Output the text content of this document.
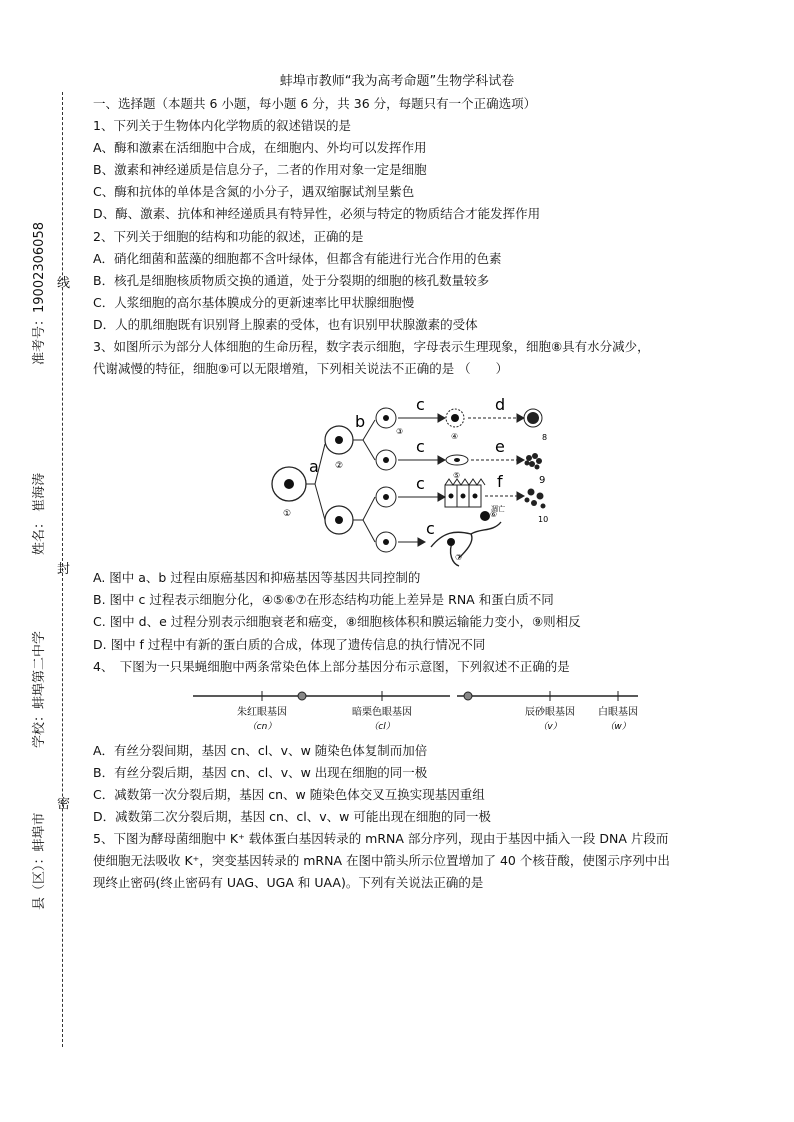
准考号：19002306058
姓名： 崔海涛
学校：蚌埠第二中学
县（区）：蚌埠市
线
封
密
蚌埠市教师“我为高考命题”生物学科试卷

一、选择题（本题共 6 小题，每小题 6 分，共 36 分，每题只有一个正确选项）

1、下列关于生物体内化学物质的叙述错误的是

A、酶和激素在活细胞中合成，在细胞内、外均可以发挥作用

B、激素和神经递质是信息分子，二者的作用对象一定是细胞

C、酶和抗体的单体是含氮的小分子，遇双缩脲试剂呈紫色

D、酶、激素、抗体和神经递质具有特异性，必须与特定的物质结合才能发挥作用

2、下列关于细胞的结构和功能的叙述，正确的是

A．硝化细菌和蓝藻的细胞都不含叶绿体，但都含有能进行光合作用的色素

B．核孔是细胞核质物质交换的通道，处于分裂期的细胞的核孔数量较多

C．人浆细胞的高尔基体膜成分的更新速率比甲状腺细胞慢

D．人的肌细胞既有识别肾上腺素的受体，也有识别甲状腺激素的受体

3、如图所示为部分人体细胞的生命历程，数字表示细胞，字母表示生理现象，细胞⑧具有水分减少，

代谢减慢的特征，细胞⑨可以无限增殖，下列相关说法不正确的是 （　　）

①
a ②
b
③
c
c
c
c
④
⑤
⑥
⑦
d
e
f
凋亡
8
9
10

A. 图中 a、b 过程由原癌基因和抑癌基因等基因共同控制的

B. 图中 c 过程表示细胞分化，④⑤⑥⑦在形态结构功能上差异是 RNA 和蛋白质不同

C. 图中 d、e 过程分别表示细胞衰老和癌变，⑧细胞核体积和膜运输能力变小，⑨则相反

D. 图中 f 过程中有新的蛋白质的合成，体现了遗传信息的执行情况不同

4、　下图为一只果蝇细胞中两条常染色体上部分基因分布示意图，下列叙述不正确的是

朱红眼基因
（cn）
暗栗色眼基因
（cl）
辰砂眼基因
（v）
白眼基因
（w）

A．有丝分裂间期，基因 cn、cl、v、w 随染色体复制而加倍

B．有丝分裂后期，基因 cn、cl、v、w 出现在细胞的同一极

C．减数第一次分裂后期，基因 cn、w 随染色体交叉互换实现基因重组

D．减数第二次分裂后期，基因 cn、cl、v、w 可能出现在细胞的同一极

5、下图为酵母菌细胞中 K⁺ 载体蛋白基因转录的 mRNA 部分序列，现由于基因中插入一段 DNA 片段而

使细胞无法吸收 K⁺，突变基因转录的 mRNA 在图中箭头所示位置增加了 40 个核苷酸，使图示序列中出

现终止密码(终止密码有 UAG、UGA 和 UAA)。下列有关说法正确的是
